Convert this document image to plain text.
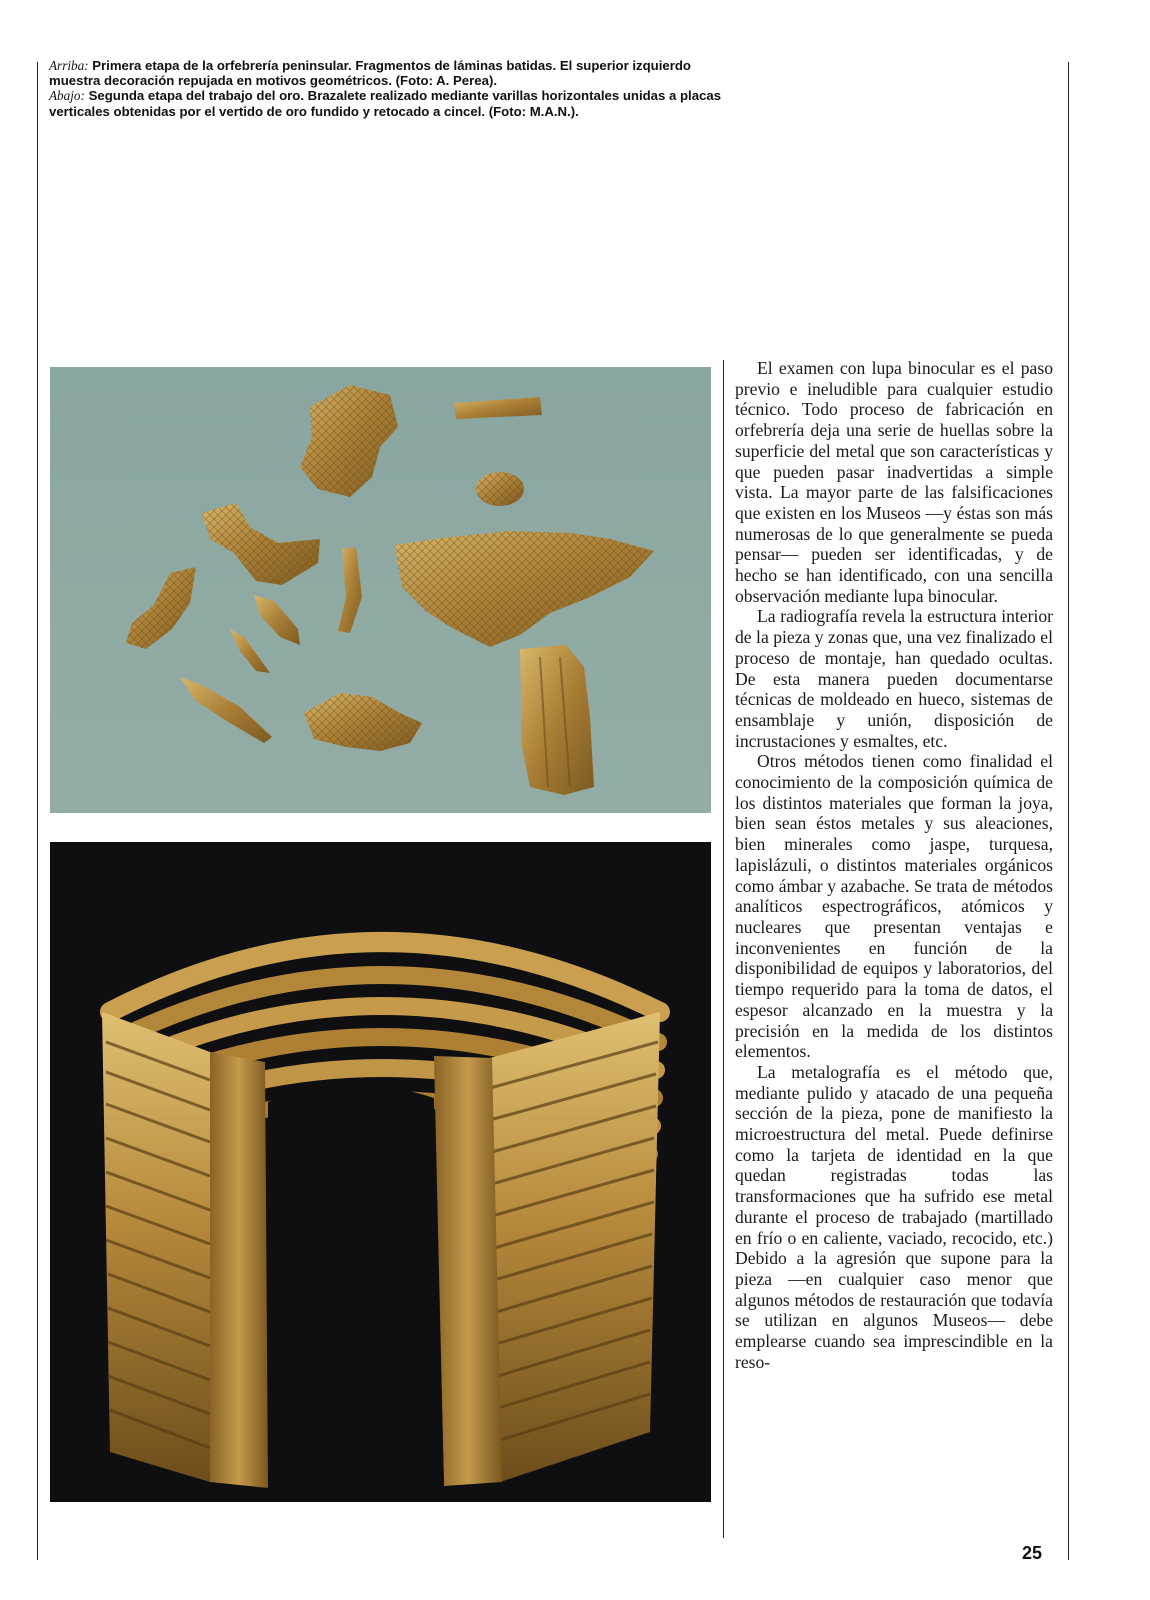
Arriba: Primera etapa de la orfebrería peninsular. Fragmentos de láminas batidas. El superior izquierdo muestra decoración repujada en motivos geométricos. (Foto: A. Perea).
Abajo: Segunda etapa del trabajo del oro. Brazalete realizado mediante varillas horizontales unidas a placas verticales obtenidas por el vertido de oro fundido y retocado a cincel. (Foto: M.A.N.).

El examen con lupa binocular es el paso previo e ineludible para cualquier estudio técnico. Todo proceso de fabricación en orfebrería deja una serie de huellas sobre la superficie del metal que son características y que pueden pasar inadvertidas a simple vista. La mayor parte de las falsificaciones que existen en los Museos —y éstas son más numerosas de lo que generalmente se pueda pensar— pueden ser identificadas, y de hecho se han identificado, con una sencilla observación mediante lupa binocular.

La radiografía revela la estructura interior de la pieza y zonas que, una vez finalizado el proceso de montaje, han quedado ocultas. De esta manera pueden documentarse técnicas de moldeado en hueco, sistemas de ensamblaje y unión, disposición de incrustaciones y esmaltes, etc.

Otros métodos tienen como finalidad el conocimiento de la composición química de los distintos materiales que forman la joya, bien sean éstos metales y sus aleaciones, bien minerales como jaspe, turquesa, lapislázuli, o distintos materiales orgánicos como ámbar y azabache. Se trata de métodos analíticos espectrográficos, atómicos y nucleares que presentan ventajas e inconvenientes en función de la disponibilidad de equipos y laboratorios, del tiempo requerido para la toma de datos, el espesor alcanzado en la muestra y la precisión en la medida de los distintos elementos.

La metalografía es el método que, mediante pulido y atacado de una pequeña sección de la pieza, pone de manifiesto la microestructura del metal. Puede definirse como la tarjeta de identidad en la que quedan registradas todas las transformaciones que ha sufrido ese metal durante el proceso de trabajado (martillado en frío o en caliente, vaciado, recocido, etc.) Debido a la agresión que supone para la pieza —en cualquier caso menor que algunos métodos de restauración que todavía se utilizan en algunos Museos— debe emplearse cuando sea imprescindible en la reso-

25
